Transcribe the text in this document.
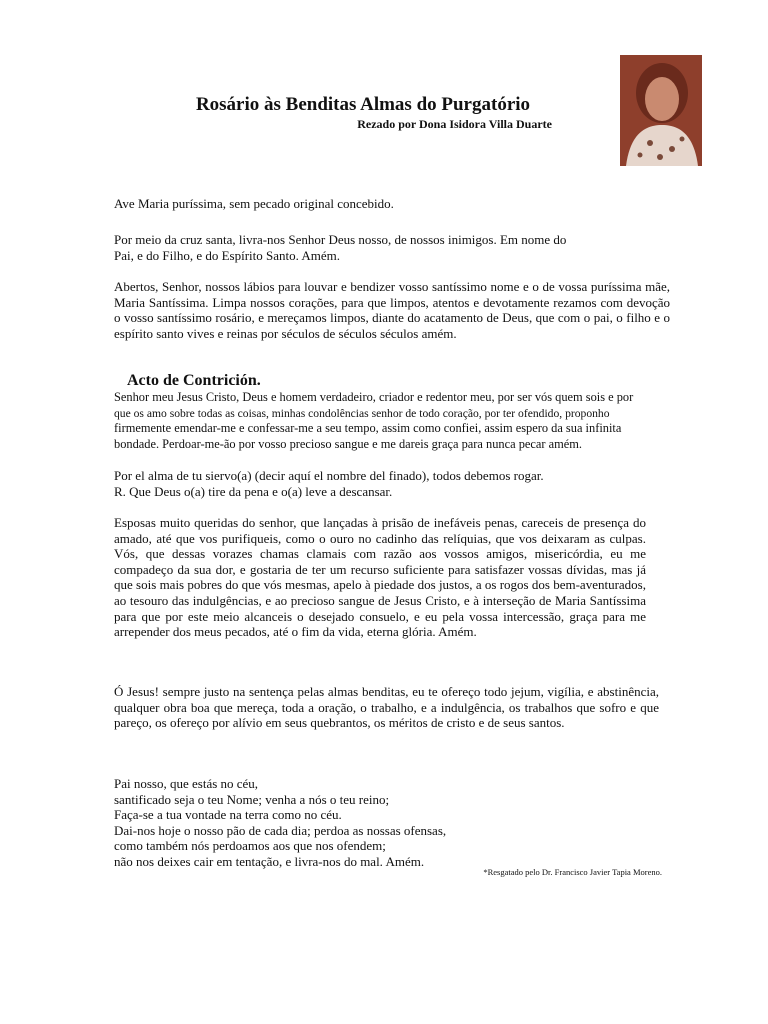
Rosário às Benditas Almas do Purgatório
Rezado por Dona Isidora Villa Duarte
Ave Maria puríssima, sem pecado original concebido.
Por meio da cruz santa, livra-nos Senhor Deus nosso, de nossos inimigos. Em nome do
Pai, e do Filho, e do Espírito Santo. Amém.

Abertos, Senhor, nossos lábios para louvar e bendizer vosso santíssimo nome e o de vossa puríssima mãe, Maria Santíssima. Limpa nossos corações, para que limpos, atentos e devotamente rezamos com devoção o vosso santíssimo rosário, e mereçamos limpos, diante do acatamento de Deus, que com o pai, o filho e o espírito santo vives e reinas por séculos de séculos séculos amém.

Acto de Contrición.
Senhor meu Jesus Cristo, Deus e homem verdadeiro, criador e redentor meu, por ser vós quem sois e por
que os amo sobre todas as coisas, minhas condolências senhor de todo coração, por ter ofendido, proponho
firmemente emendar-me e confessar-me a seu tempo, assim como confiei, assim espero da sua infinita
bondade. Perdoar-me-ão por vosso precioso sangue e me dareis graça para nunca pecar amém.
Por el alma de tu siervo(a) (decir aquí el nombre del finado), todos debemos rogar.
R. Que Deus o(a) tire da pena e o(a) leve a descansar.

Esposas muito queridas do senhor, que lançadas à prisão de inefáveis penas, careceis de presença do amado, até que vos purifiqueis, como o ouro no cadinho das relíquias, que vos deixaram as culpas. Vós, que dessas vorazes chamas clamais com razão aos vossos amigos, misericórdia, eu me compadeço da sua dor, e gostaria de ter um recurso suficiente para satisfazer vossas dívidas, mas já que sois mais pobres do que vós mesmas, apelo à piedade dos justos, a os rogos dos bem-aventurados, ao tesouro das indulgências, e ao precioso sangue de Jesus Cristo, e à interseção de Maria Santíssima para que por este meio alcanceis o desejado consuelo, e eu pela vossa intercessão, graça para me arrepender dos meus pecados, até o fim da vida, eterna glória. Amém.

Ó Jesus! sempre justo na sentença pelas almas benditas, eu te ofereço todo jejum, vigília, e abstinência, qualquer obra boa que mereça, toda a oração, o trabalho, e a indulgência, os trabalhos que sofro e que pareço, os ofereço por alívio em seus quebrantos, os méritos de cristo e de seus santos.

Pai nosso, que estás no céu,
santificado seja o teu Nome; venha a nós o teu reino;
Faça-se a tua vontade na terra como no céu.
Dai-nos hoje o nosso pão de cada dia; perdoa as nossas ofensas,
como também nós perdoamos aos que nos ofendem;
não nos deixes cair em tentação, e livra-nos do mal. Amém.
*Resgatado pelo Dr. Francisco Javier Tapia Moreno.
